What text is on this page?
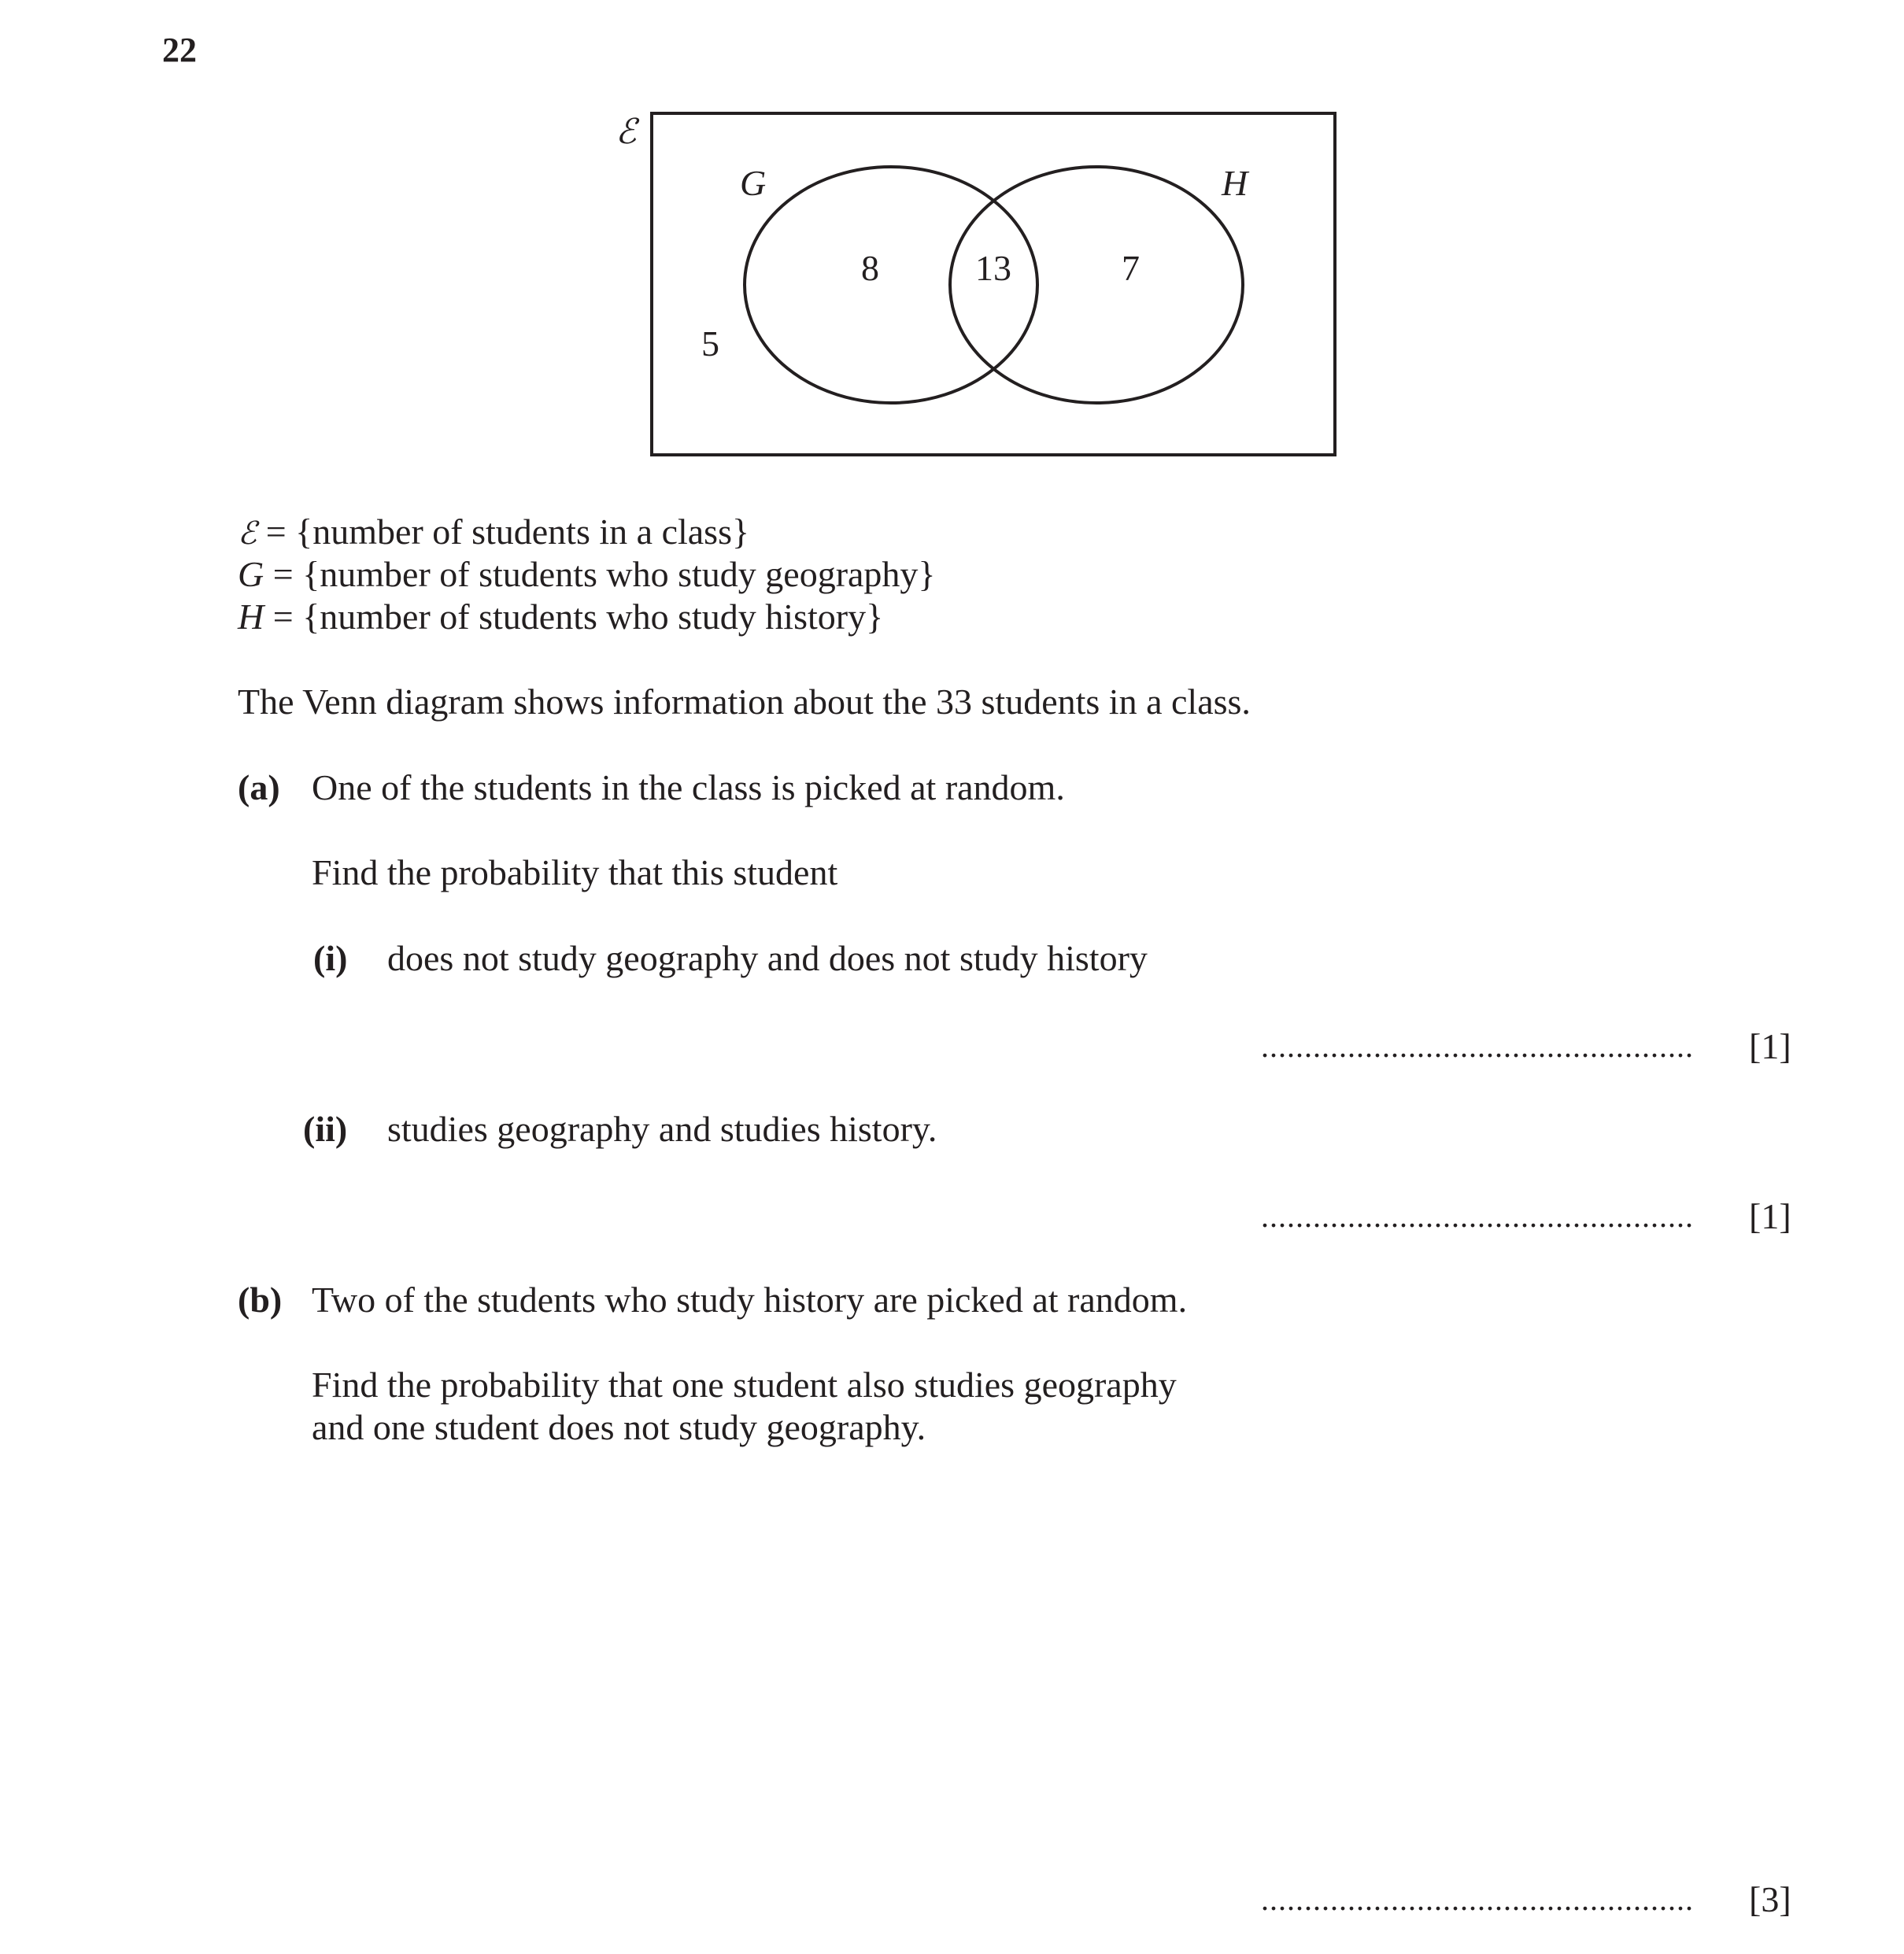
22
ℰ
G	H
8	13	7
5
ℰ = {number of students in a class}
G = {number of students who study geography}
H = {number of students who study history}
The Venn diagram shows information about the 33 students in a class.
(a) One of the students in the class is picked at random.
Find the probability that this student
(i) does not study geography and does not study history
.................................................. [1]
(ii) studies geography and studies history.
.................................................. [1]
(b) Two of the students who study history are picked at random.
Find the probability that one student also studies geography
and one student does not study geography.
.................................................. [3]
